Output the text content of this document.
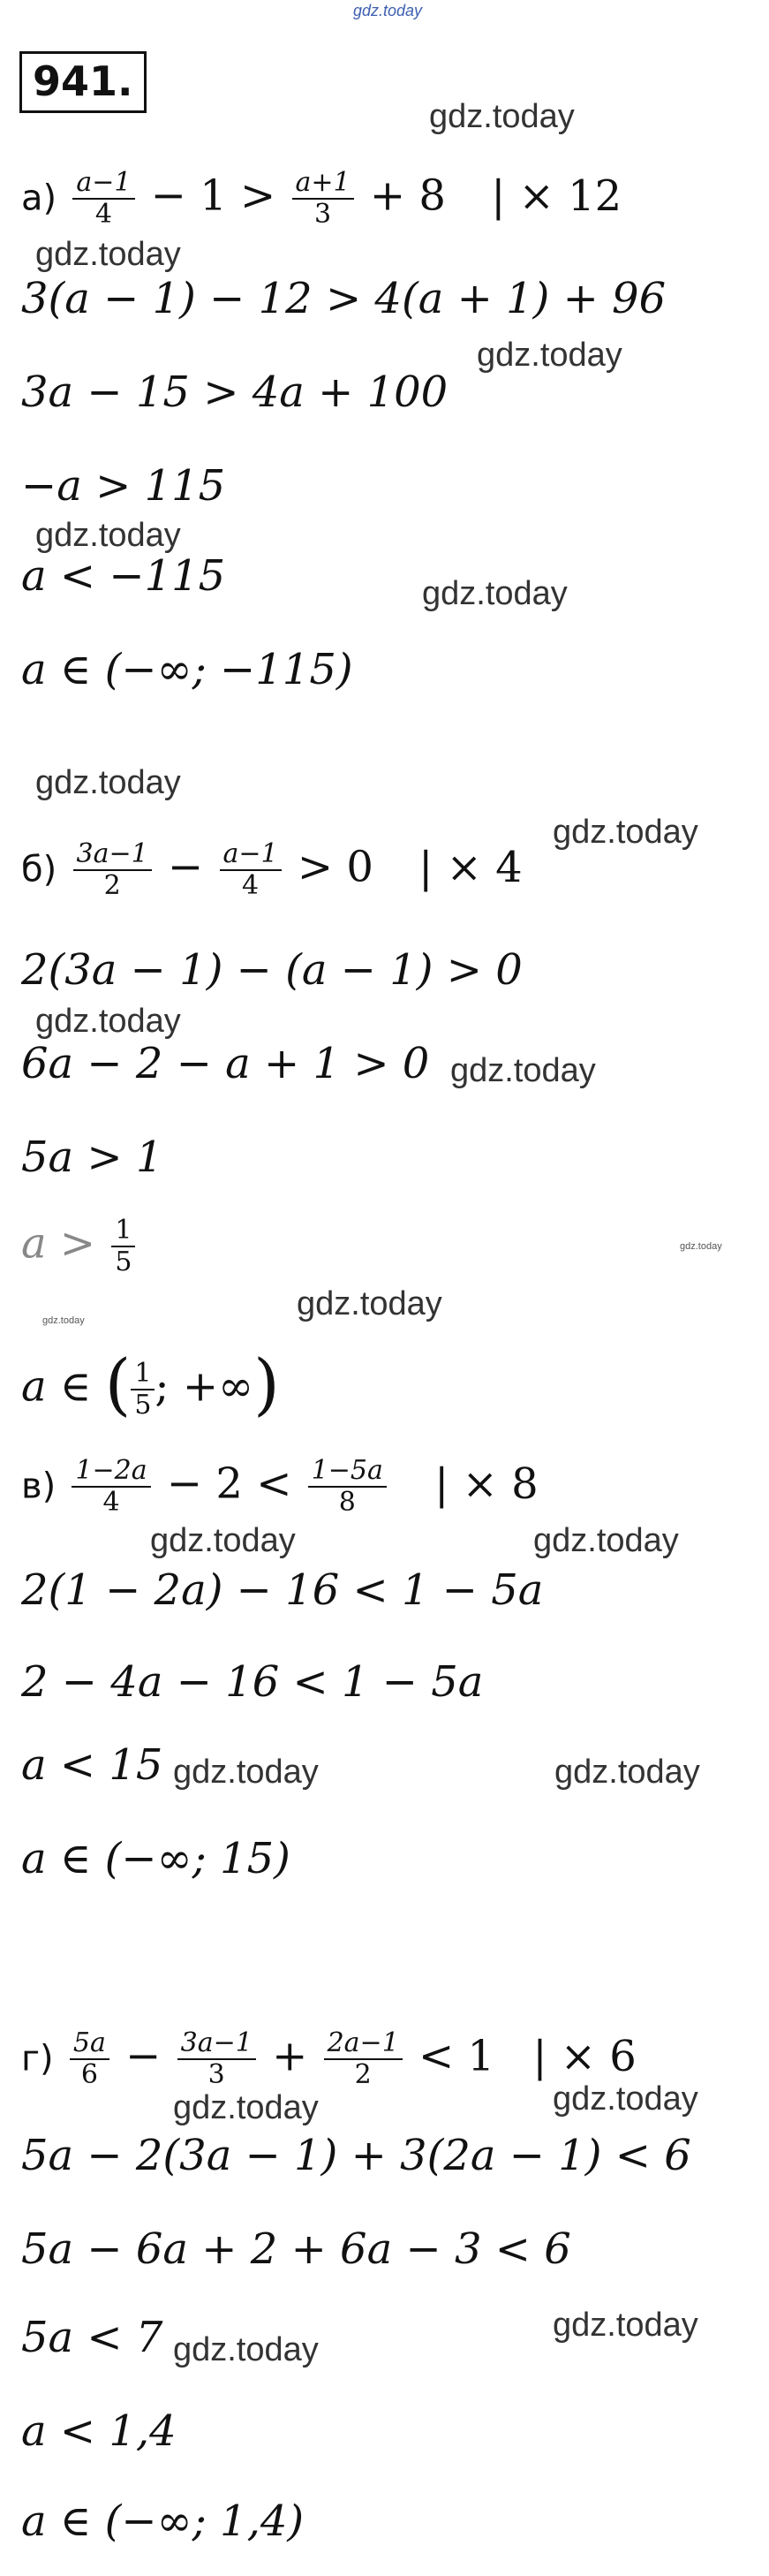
gdz.today
941.
gdz.today
$а) \frac{a-1}{4} - 1 > \frac{a+1}{3} + 8$ | × 12
gdz.today
3(a − 1) − 12 > 4(a + 1) + 96
gdz.today
3a − 15 > 4a + 100
−a > 115
gdz.today
a < −115	gdz.today
a ∈ (−∞; −115)
gdz.today
gdz.today
$б) \frac{3a-1}{2} - \frac{a-1}{4} > 0$ | × 4
2(3a − 1) − (a − 1) > 0
gdz.today
6a − 2 − a + 1 > 0 gdz.today
5a > 1
$a > \frac{1}{5}$	gdz.today
gdz.today	gdz.today
a ∈ ( $\frac{1}{5}$ ; +∞)
$в) \frac{1-2a}{4} - 2 < \frac{1-5a}{8}$ | × 8
gdz.today	gdz.today
2(1 − 2a) − 16 < 1 − 5a
2 − 4a − 16 < 1 − 5a
a < 15 gdz.today	gdz.today
a ∈ (−∞; 15)
$г) \frac{5a}{6} - \frac{3a-1}{3} + \frac{2a-1}{2} < 1$ | × 6
gdz.today
gdz.today
5a − 2(3a − 1) + 3(2a − 1) < 6
5a − 6a + 2 + 6a − 3 < 6
gdz.today
5a < 7 gdz.today
a < 1,4
a ∈ (−∞; 1,4)
